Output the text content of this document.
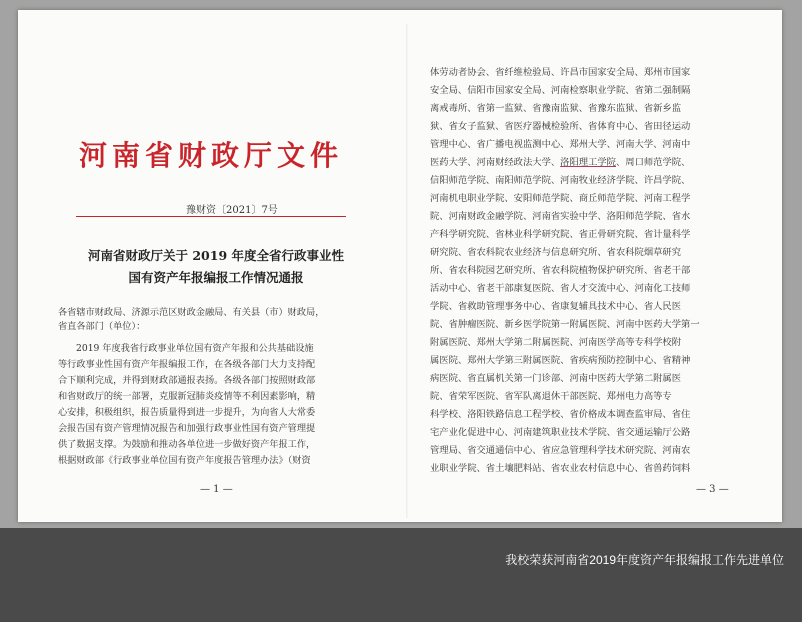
河南省财政厅文件
豫财资〔2021〕7号
河南省财政厅关于 2019 年度全省行政事业性
国有资产年报编报工作情况通报
各省辖市财政局、济源示范区财政金融局、有关县（市）财政局，
省直各部门（单位）：
2019 年度我省行政事业单位国有资产年报和公共基础设施
等行政事业性国有资产年报编报工作，在各级各部门大力支持配
合下顺利完成，并得到财政部通报表扬。各级各部门按照财政部
和省财政厅的统一部署，克服新冠肺炎疫情等不利因素影响，精
心安排，积极组织，报告质量得到进一步提升，为向省人大常委
会报告国有资产管理情况报告和加强行政事业性国有资产管理提
供了数据支撑。为鼓励和推动各单位进一步做好资产年报工作，
根据财政部《行政事业单位国有资产年度报告管理办法》（财资
— 1 —
体劳动者协会、省纤维检验局、许昌市国家安全局、郑州市国家
安全局、信阳市国家安全局、河南检察职业学院、省第二强制隔
离戒毒所、省第一监狱、省豫南监狱、省豫东监狱、省新乡监
狱、省女子监狱、省医疗器械检验所、省体育中心、省田径运动
管理中心、省广播电视监测中心、郑州大学、河南大学、河南中
医药大学、河南财经政法大学、洛阳理工学院、周口师范学院、
信阳师范学院、南阳师范学院、河南牧业经济学院、许昌学院、
河南机电职业学院、安阳师范学院、商丘师范学院、河南工程学
院、河南财政金融学院、河南省实验中学、洛阳师范学院、省水
产科学研究院、省林业科学研究院、省正骨研究院、省计量科学
研究院、省农科院农业经济与信息研究所、省农科院烟草研究
所、省农科院园艺研究所、省农科院植物保护研究所、省老干部
活动中心、省老干部康复医院、省人才交流中心、河南化工技师
学院、省救助管理事务中心、省康复辅具技术中心、省人民医
院、省肿瘤医院、新乡医学院第一附属医院、河南中医药大学第一
附属医院、郑州大学第二附属医院、河南医学高等专科学校附
属医院、郑州大学第三附属医院、省疾病预防控制中心、省精神
病医院、省直属机关第一门诊部、河南中医药大学第二附属医
院、省荣军医院、省军队离退休干部医院、郑州电力高等专
科学校、洛阳铁路信息工程学校、省价格成本调查监审局、省住
宅产业化促进中心、河南建筑职业技术学院、省交通运输厅公路
管理局、省交通通信中心、省应急管理科学技术研究院、河南农
业职业学院、省土壤肥料站、省农业农村信息中心、省兽药饲料
— 3 —
我校荣获河南省2019年度资产年报编报工作先进单位
